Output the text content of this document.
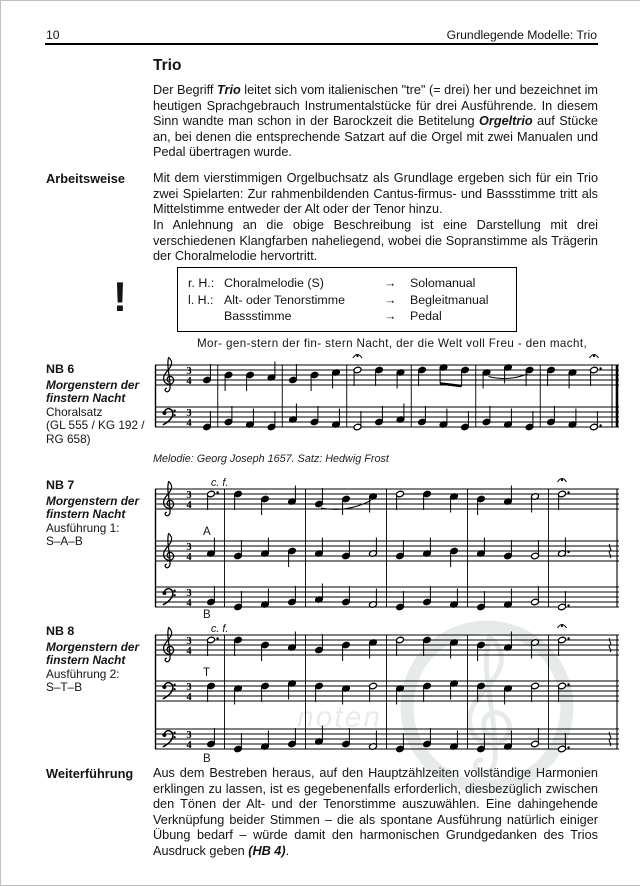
10	Grundlegende Modelle: Trio
Trio

Der Begriff Trio leitet sich vom italienischen "tre" (= drei) her und bezeichnet im heutigen Sprachgebrauch Instrumentalstücke für drei Ausführende. In diesem Sinn wandte man schon in der Barockzeit die Betitelung Orgeltrio auf Stücke an, bei denen die entsprechende Satzart auf die Orgel mit zwei Manualen und Pedal übertragen wurde.

Arbeitsweise Mit dem vierstimmigen Orgelbuchsatz als Grundlage ergeben sich für ein Trio zwei Spielarten: Zur rahmenbildenden Cantus-firmus- und Bassstimme tritt als Mittelstimme entweder der Alt oder der Tenor hinzu.

In Anlehnung an die obige Beschreibung ist eine Darstellung mit drei verschiedenen Klangfarben naheliegend, wobei die Sopranstimme als Trägerin der Choralmelodie hervortritt.

!	r. H.: Choralmelodie (S)	→	Solomanual
l. H.: Alt- oder Tenorstimme	→	Begleitmanual
Bassstimme	→	Pedal
noten
Mor- gen-stern der fin- stern Nacht, der die Welt voll Freu - den macht,
NB 6
Morgenstern der finstern Nacht
Choralsatz
(GL 555 / KG 192 / RG 658)
3
4
3
4
Melodie: Georg Joseph 1657. Satz: Hedwig Frost
NB 7
Morgenstern der finstern Nacht
Ausführung 1:
S–A–B
3
4
3
4
3
4
c. f.
A
B
NB 8
Morgenstern der finstern Nacht
Ausführung 2:
S–T–B
3
4
3
4
3
4
c. f.
T
B
Weiterführung Aus dem Bestreben heraus, auf den Hauptzählzeiten vollständige Harmonien erklingen zu lassen, ist es gegebenenfalls erforderlich, diesbezüglich zwischen den Tönen der Alt- und der Tenorstimme auszuwählen. Eine dahingehende Verknüpfung beider Stimmen – die als spontane Ausführung natürlich einiger Übung bedarf – würde damit den harmonischen Grundgedanken des Trios Ausdruck geben (HB 4).
